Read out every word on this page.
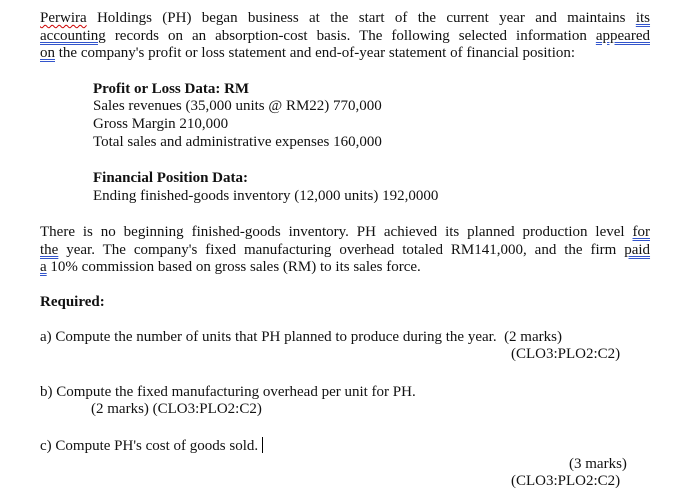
Perwira Holdings (PH) began business at the start of the current year and maintains its
accounting records on an absorption-cost basis. The following selected information appeared
on the company's profit or loss statement and end-of-year statement of financial position:
Profit or Loss Data: RM
Sales revenues (35,000 units @ RM22) 770,000
Gross Margin 210,000
Total sales and administrative expenses 160,000
Financial Position Data:
Ending finished-goods inventory (12,000 units) 192,0000
There is no beginning finished-goods inventory. PH achieved its planned production level for
the year. The company's fixed manufacturing overhead totaled RM141,000, and the firm paid
a 10% commission based on gross sales (RM) to its sales force.
Required:
a) Compute the number of units that PH planned to produce during the year. (2 marks)
(CLO3:PLO2:C2)
b) Compute the fixed manufacturing overhead per unit for PH.
(2 marks) (CLO3:PLO2:C2)
c) Compute PH's cost of goods sold.
(3 marks)
(CLO3:PLO2:C2)
